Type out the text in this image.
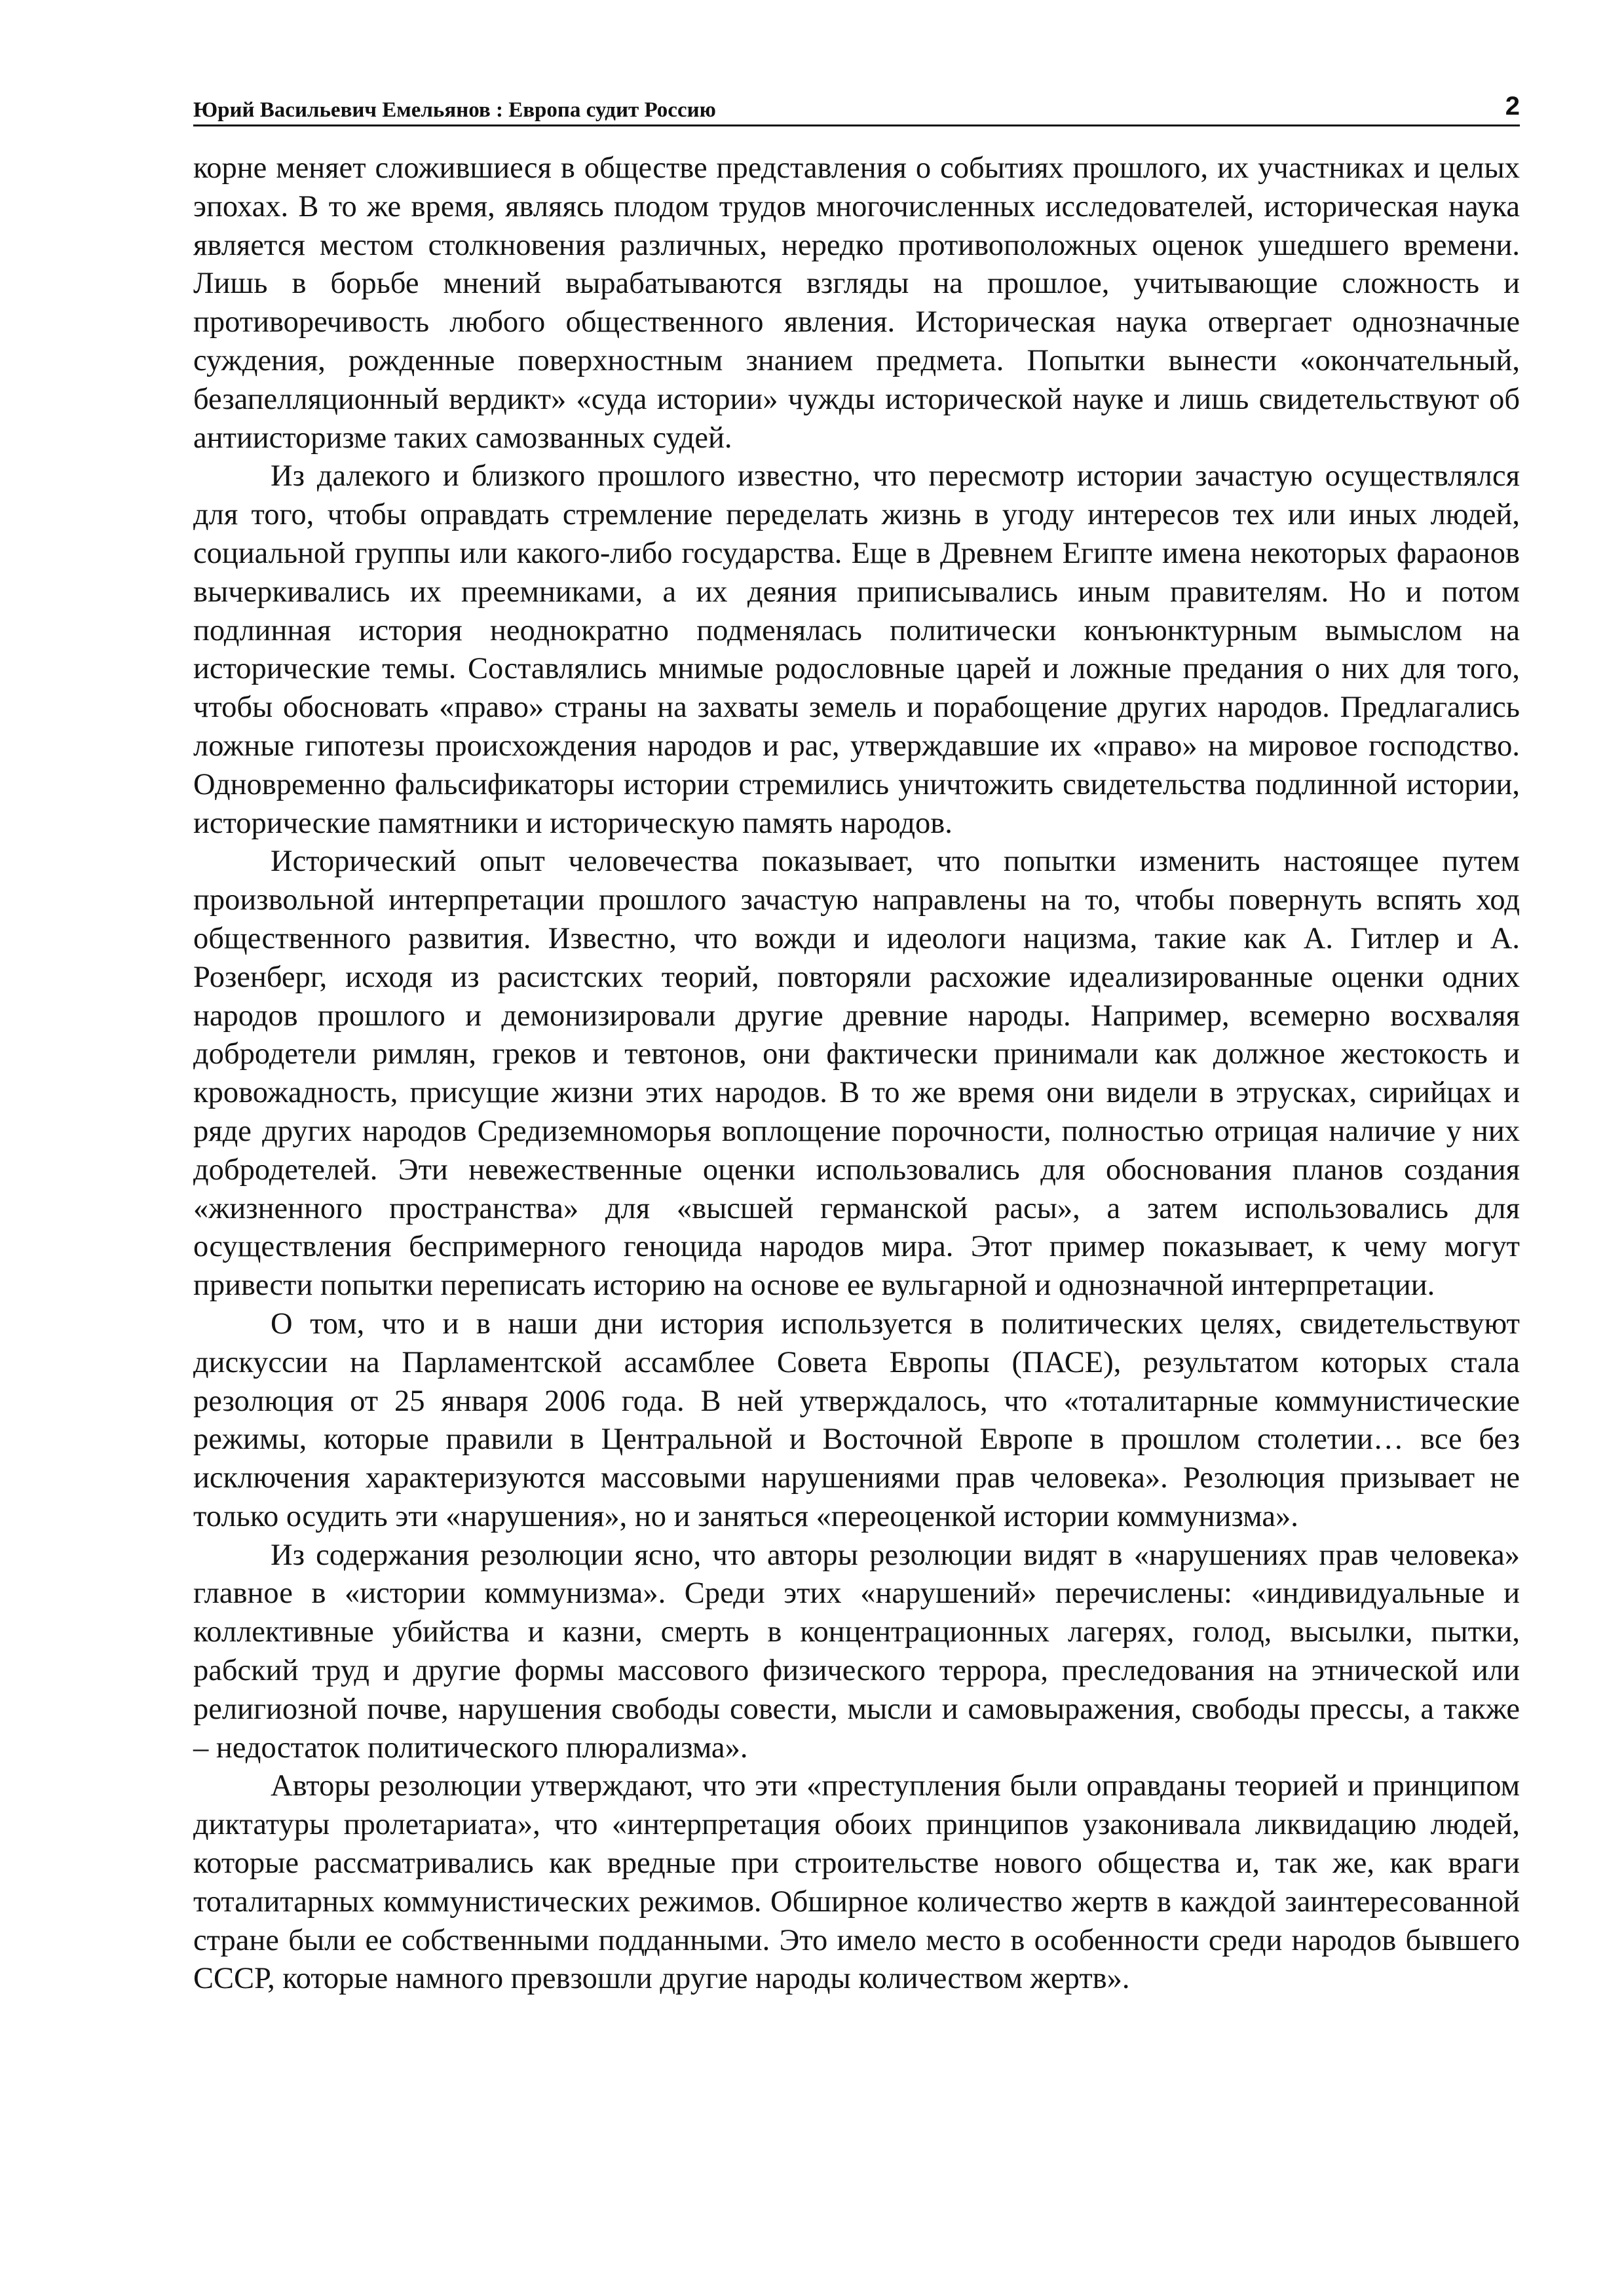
Юрий Васильевич Емельянов : Европа судит Россию	2

корне меняет сложившиеся в обществе представления о событиях прошлого, их участниках и целых эпохах. В то же время, являясь плодом трудов многочисленных исследователей, историческая наука является местом столкновения различных, нередко противоположных оценок ушедшего времени. Лишь в борьбе мнений вырабатываются взгляды на прошлое, учитывающие сложность и противоречивость любого общественного явления. Историческая наука отвергает однозначные суждения, рожденные поверхностным знанием предмета. Попытки вынести «окончательный, безапелляционный вердикт» «суда истории» чужды исторической науке и лишь свидетельствуют об антиисторизме таких самозванных судей.

Из далекого и близкого прошлого известно, что пересмотр истории зачастую осуществлялся для того, чтобы оправдать стремление переделать жизнь в угоду интересов тех или иных людей, социальной группы или какого-либо государства. Еще в Древнем Египте имена некоторых фараонов вычеркивались их преемниками, а их деяния приписывались иным правителям. Но и потом подлинная история неоднократно подменялась политически конъюнктурным вымыслом на исторические темы. Составлялись мнимые родословные царей и ложные предания о них для того, чтобы обосновать «право» страны на захваты земель и порабощение других народов. Предлагались ложные гипотезы происхождения народов и рас, утверждавшие их «право» на мировое господство. Одновременно фальсификаторы истории стремились уничтожить свидетельства подлинной истории, исторические памятники и историческую память народов.

Исторический опыт человечества показывает, что попытки изменить настоящее путем произвольной интерпретации прошлого зачастую направлены на то, чтобы повернуть вспять ход общественного развития. Известно, что вожди и идеологи нацизма, такие как А. Гитлер и А. Розенберг, исходя из расистских теорий, повторяли расхожие идеализированные оценки одних народов прошлого и демонизировали другие древние народы. Например, всемерно восхваляя добродетели римлян, греков и тевтонов, они фактически принимали как должное жестокость и кровожадность, присущие жизни этих народов. В то же время они видели в этрусках, сирийцах и ряде других народов Средиземноморья воплощение порочности, полностью отрицая наличие у них добродетелей. Эти невежественные оценки использовались для обоснования планов создания «жизненного пространства» для «высшей германской расы», а затем использовались для осуществления беспримерного геноцида народов мира. Этот пример показывает, к чему могут привести попытки переписать историю на основе ее вульгарной и однозначной интерпретации.

О том, что и в наши дни история используется в политических целях, свидетельствуют дискуссии на Парламентской ассамблее Совета Европы (ПАСЕ), результатом которых стала резолюция от 25 января 2006 года. В ней утверждалось, что «тоталитарные коммунистические режимы, которые правили в Центральной и Восточной Европе в прошлом столетии… все без исключения характеризуются массовыми нарушениями прав человека». Резолюция призывает не только осудить эти «нарушения», но и заняться «переоценкой истории коммунизма».

Из содержания резолюции ясно, что авторы резолюции видят в «нарушениях прав человека» главное в «истории коммунизма». Среди этих «нарушений» перечислены: «индивидуальные и коллективные убийства и казни, смерть в концентрационных лагерях, голод, высылки, пытки, рабский труд и другие формы массового физического террора, преследования на этнической или религиозной почве, нарушения свободы совести, мысли и самовыражения, свободы прессы, а также – недостаток политического плюрализма».

Авторы резолюции утверждают, что эти «преступления были оправданы теорией и принципом диктатуры пролетариата», что «интерпретация обоих принципов узаконивала ликвидацию людей, которые рассматривались как вредные при строительстве нового общества и, так же, как враги тоталитарных коммунистических режимов. Обширное количество жертв в каждой заинтересованной стране были ее собственными подданными. Это имело место в особенности среди народов бывшего СССР, которые намного превзошли другие народы количеством жертв».
